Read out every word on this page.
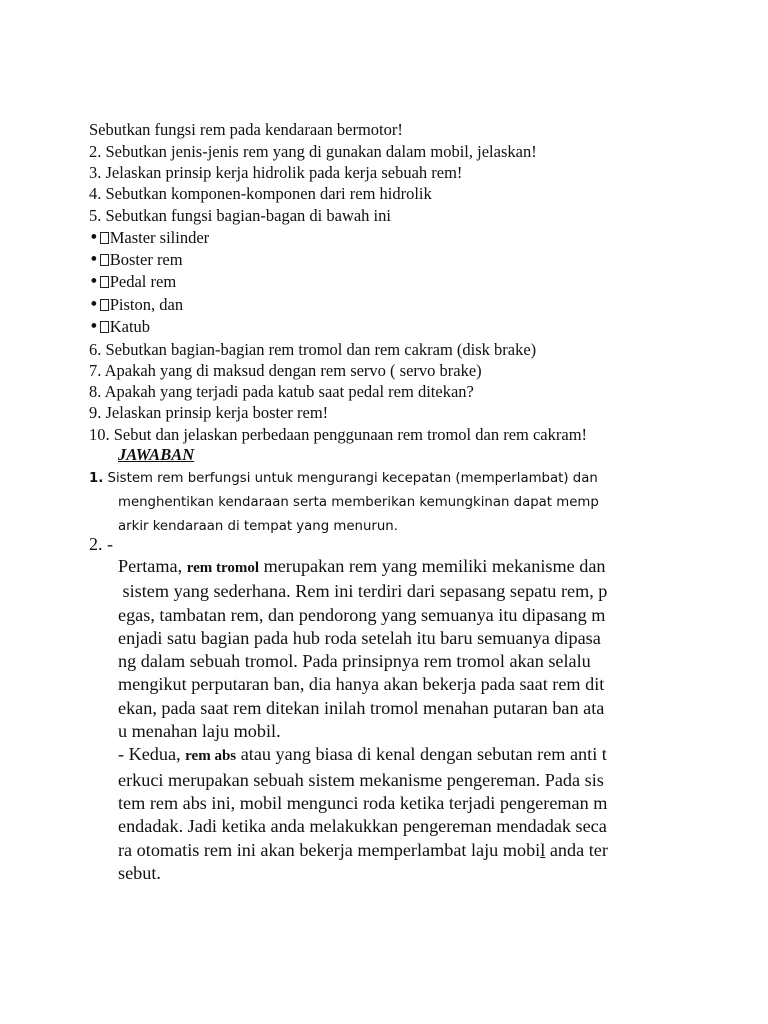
Sebutkan fungsi rem pada kendaraan bermotor!
2. Sebutkan jenis-jenis rem yang di gunakan dalam mobil, jelaskan!
3. Jelaskan prinsip kerja hidrolik pada kerja sebuah rem!
4. Sebutkan komponen-komponen dari rem hidrolik
5. Sebutkan fungsi bagian-bagan di bawah ini
• Master silinder
• Boster rem
• Pedal rem
• Piston, dan
• Katub
6. Sebutkan bagian-bagian rem tromol dan rem cakram (disk brake)
7. Apakah yang di maksud dengan rem servo ( servo brake)
8. Apakah yang terjadi pada katub saat pedal rem ditekan?
9. Jelaskan prinsip kerja boster rem!
10. Sebut dan jelaskan perbedaan penggunaan rem tromol dan rem cakram!
JAWABAN
1. Sistem rem berfungsi untuk mengurangi kecepatan (memperlambat) dan
menghentikan kendaraan serta memberikan kemungkinan dapat memp
arkir kendaraan di tempat yang menurun.
2. -
Pertama, rem tromol merupakan rem yang memiliki mekanisme dan
sistem yang sederhana. Rem ini terdiri dari sepasang sepatu rem, p
egas, tambatan rem, dan pendorong yang semuanya itu dipasang m
enjadi satu bagian pada hub roda setelah itu baru semuanya dipasa
ng dalam sebuah tromol. Pada prinsipnya rem tromol akan selalu
mengikut perputaran ban, dia hanya akan bekerja pada saat rem dit
ekan, pada saat rem ditekan inilah tromol menahan putaran ban ata
u menahan laju mobil.
- Kedua, rem abs atau yang biasa di kenal dengan sebutan rem anti t
erkuci merupakan sebuah sistem mekanisme pengereman. Pada sis
tem rem abs ini, mobil mengunci roda ketika terjadi pengereman m
endadak. Jadi ketika anda melakukkan pengereman mendadak seca
ra otomatis rem ini akan bekerja memperlambat laju mobil anda ter
sebut.
